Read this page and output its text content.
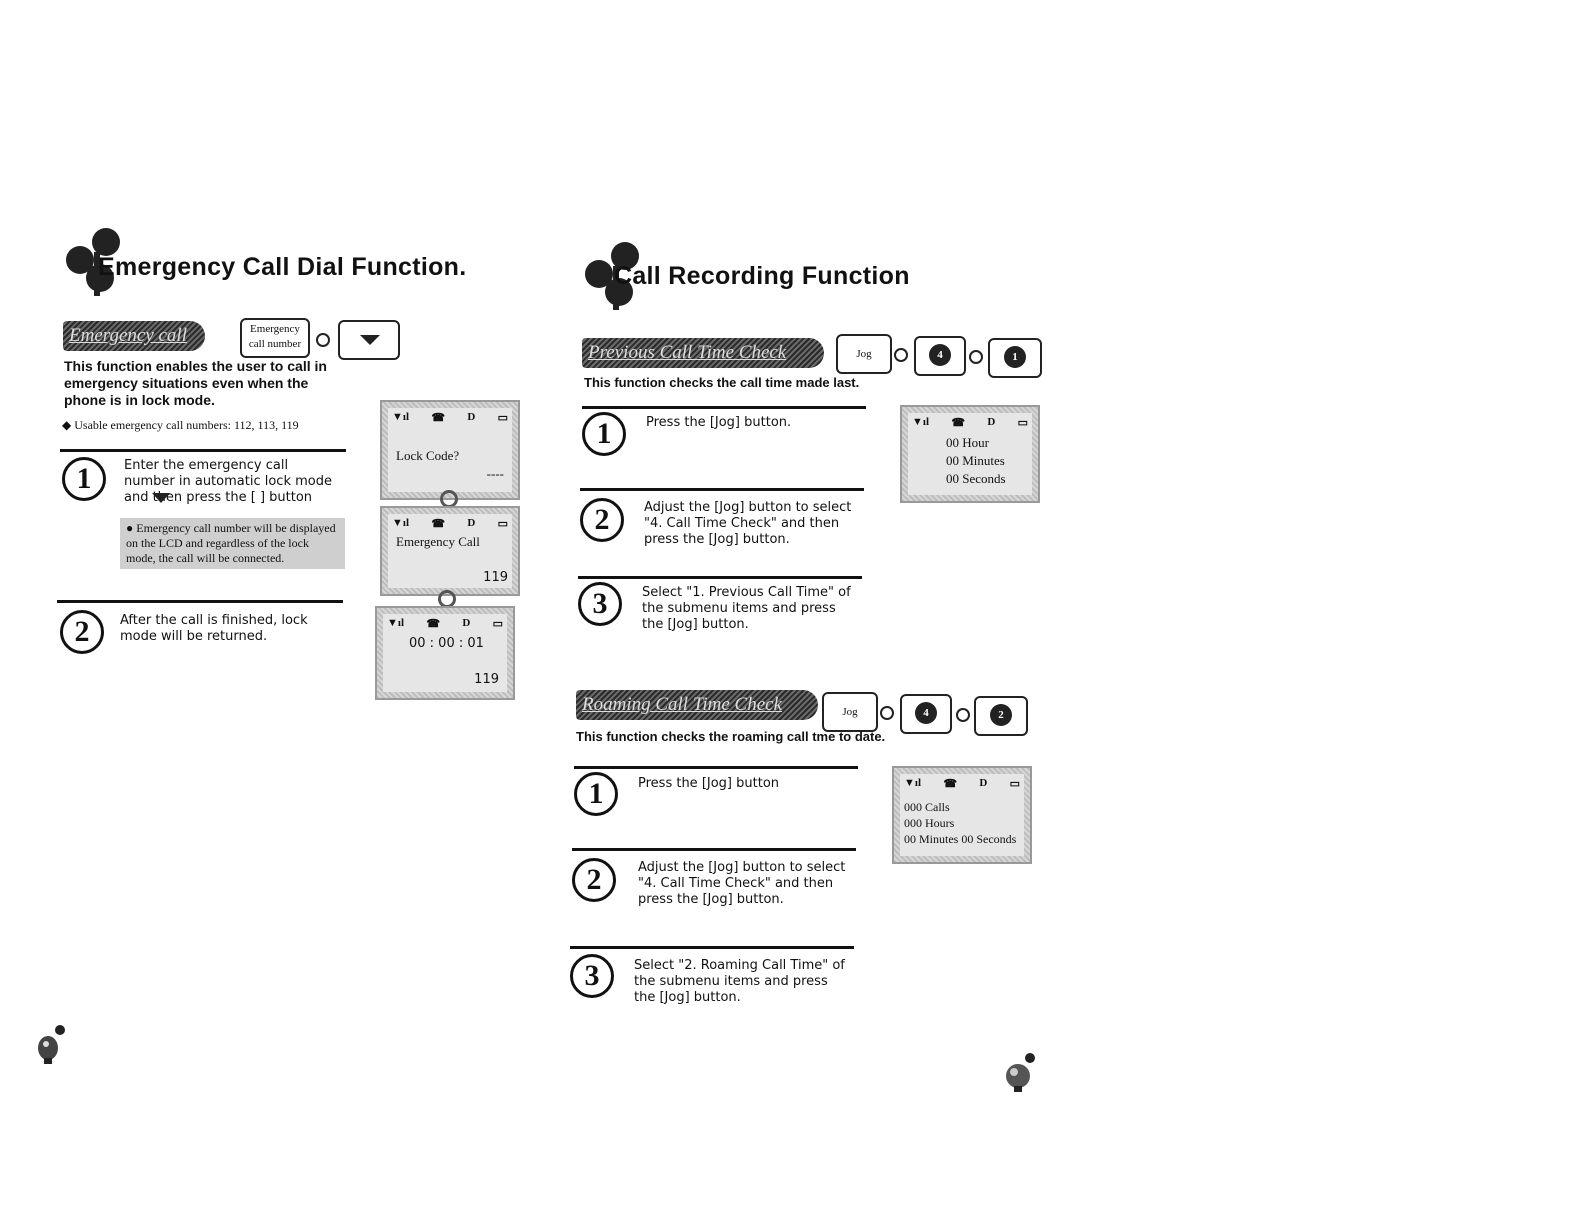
Emergency Call Dial Function.
Emergency call	Emergency call number
This function enables the user to call in emergency situations even when the phone is in lock mode.
◆ Usable emergency call numbers: 112, 113, 119
1	Enter the emergency call number in automatic lock mode and then press the [ ] button
● Emergency call number will be displayed on the LCD and regardless of the lock mode, the call will be connected.
2	After the call is finished, lock mode will be returned.
▼ıl ☎ D ▭
Lock Code?
----
▼ıl ☎ D ▭
Emergency Call
119
▼ıl ☎ D ▭
00 : 00 : 01
119
Call Recording Function
Previous Call Time Check	Jog	4	1
This function checks the call time made last.
1	Press the [Jog] button.
2	Adjust the [Jog] button to select "4. Call Time Check" and then press the [Jog] button.
3	Select "1. Previous Call Time" of the submenu items and press the [Jog] button.
▼ıl ☎ D ▭
00 Hour
00 Minutes
00 Seconds
Roaming Call Time Check	Jog	4	2
This function checks the roaming call tme to date.
1	Press the [Jog] button
2	Adjust the [Jog] button to select "4. Call Time Check" and then press the [Jog] button.
3	Select "2. Roaming Call Time" of the submenu items and press the [Jog] button.
▼ıl ☎ D ▭
000 Calls
000 Hours
00 Minutes 00 Seconds
